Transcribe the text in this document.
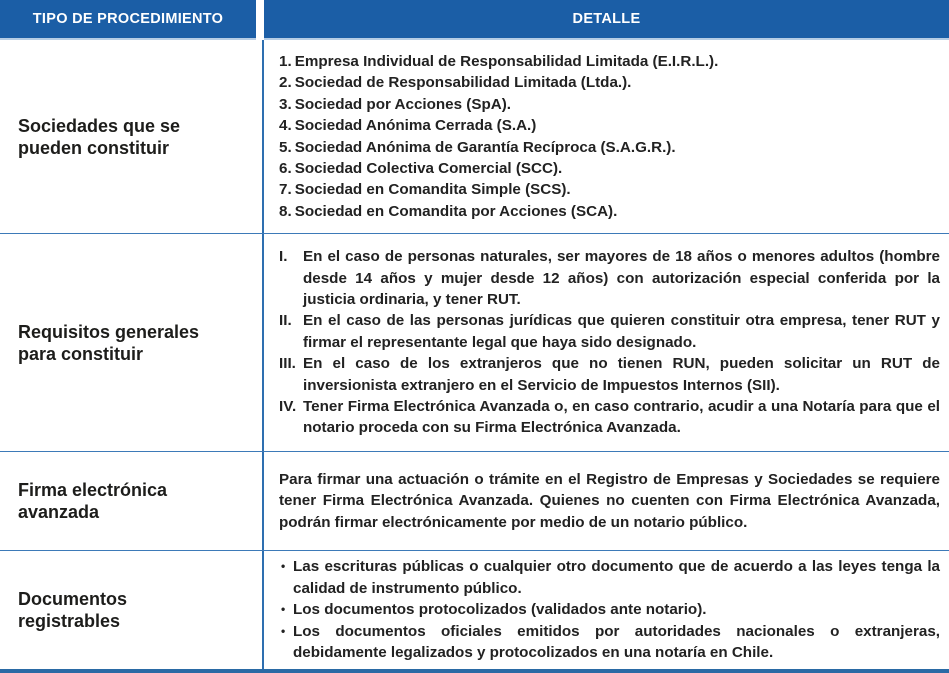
TIPO DE PROCEDIMIENTO	DETALLE
Sociedades que se pueden constituir
Empresa Individual de Responsabilidad Limitada (E.I.R.L.).
Sociedad de Responsabilidad Limitada (Ltda.).
Sociedad por Acciones (SpA).
Sociedad Anónima Cerrada (S.A.)
Sociedad Anónima de Garantía Recíproca (S.A.G.R.).
Sociedad Colectiva Comercial (SCC).
Sociedad en Comandita Simple (SCS).
Sociedad en Comandita por Acciones (SCA).
Requisitos generales para constituir
I.	En el caso de personas naturales, ser mayores de 18 años o menores adultos (hombre desde 14 años y mujer desde 12 años) con autorización especial conferida por la justicia ordinaria, y tener RUT.
II. En el caso de las personas jurídicas que quieren constituir otra empresa, tener RUT y firmar el representante legal que haya sido designado.
III. En el caso de los extranjeros que no tienen RUN, pueden solicitar un RUT de inversionista extranjero en el Servicio de Impuestos Internos (SII).
IV. Tener Firma Electrónica Avanzada o, en caso contrario, acudir a una Notaría para que el notario proceda con su Firma Electrónica Avanzada.
Firma electrónica avanzada

Para firmar una actuación o trámite en el Registro de Empresas y Sociedades se requiere tener Firma Electrónica Avanzada. Quienes no cuenten con Firma Electrónica Avanzada, podrán firmar electrónicamente por medio de un notario público.

Documentos registrables
• Las escrituras públicas o cualquier otro documento que de acuerdo a las leyes tenga la calidad de instrumento público.
• Los documentos protocolizados (validados ante notario).
• Los documentos oficiales emitidos por autoridades nacionales o extranjeras, debidamente legalizados y protocolizados en una notaría en Chile.
